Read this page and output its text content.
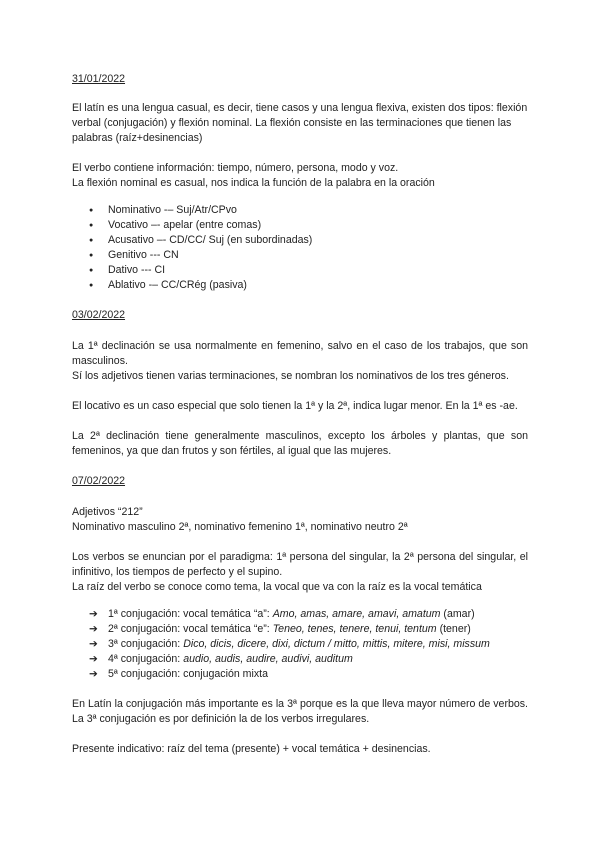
31/01/2022

El latín es una lengua casual, es decir, tiene casos y una lengua flexiva, existen dos tipos: flexión verbal (conjugación) y flexión nominal. La flexión consiste en las terminaciones que tienen las palabras (raíz+desinencias)

El verbo contiene información: tiempo, número, persona, modo y voz.

La flexión nominal es casual, nos indica la función de la palabra en la oración

● Nominativo -– Suj/Atr/CPvo
● Vocativo –- apelar (entre comas)
● Acusativo –- CD/CC/ Suj (en subordinadas)
● Genitivo --- CN
● Dativo --- CI
● Ablativo -– CC/CRég (pasiva)

03/02/2022

La 1ª declinación se usa normalmente en femenino, salvo en el caso de los trabajos, que son masculinos.

Sí los adjetivos tienen varias terminaciones, se nombran los nominativos de los tres géneros.

El locativo es un caso especial que solo tienen la 1ª y la 2ª, indica lugar menor. En la 1ª es -ae.

La 2ª declinación tiene generalmente masculinos, excepto los árboles y plantas, que son femeninos, ya que dan frutos y son fértiles, al igual que las mujeres.

07/02/2022

Adjetivos “212”

Nominativo masculino 2ª, nominativo femenino 1ª, nominativo neutro 2ª

Los verbos se enuncian por el paradigma: 1ª persona del singular, la 2ª persona del singular, el infinitivo, los tiempos de perfecto y el supino.

La raíz del verbo se conoce como tema, la vocal que va con la raíz es la vocal temática

➔ 1ª conjugación: vocal temática “a”: Amo, amas, amare, amavi, amatum (amar)
➔ 2ª conjugación: vocal temática “e”: Teneo, tenes, tenere, tenui, tentum (tener)
➔ 3ª conjugación: Dico, dicis, dicere, dixi, dictum / mitto, mittis, mitere, misi, missum
➔ 4ª conjugación: audio, audis, audire, audivi, auditum
➔ 5ª conjugación: conjugación mixta

En Latín la conjugación más importante es la 3ª porque es la que lleva mayor número de verbos. La 3ª conjugación es por definición la de los verbos irregulares.

Presente indicativo: raíz del tema (presente) + vocal temática + desinencias.
